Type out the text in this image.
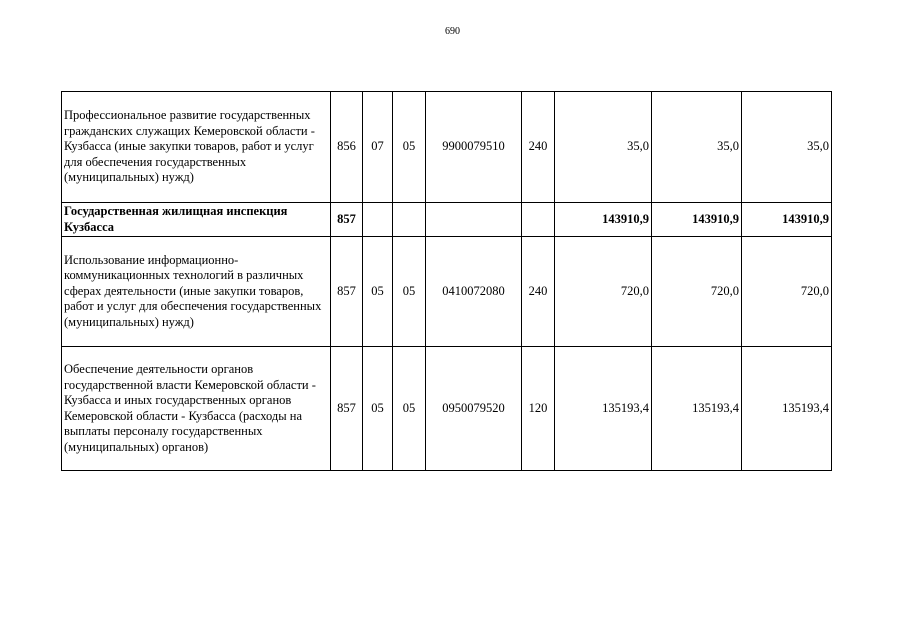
690
Профессиональное развитие государственных гражданских служащих Кемеровской области - Кузбасса (иные закупки товаров, работ и услуг для обеспечения государственных (муниципальных) нужд)	856	07	05	9900079510	240	35,0	35,0	35,0
Государственная жилищная инспекция Кузбасса	857					143910,9	143910,9	143910,9
Использование информационно-коммуникационных технологий в различных сферах деятельности (иные закупки товаров, работ и услуг для обеспечения государственных (муниципальных) нужд)	857	05	05	0410072080	240	720,0	720,0	720,0
Обеспечение деятельности органов государственной власти Кемеровской области - Кузбасса и иных государственных органов Кемеровской области - Кузбасса (расходы на выплаты персоналу государственных (муниципальных) органов)	857	05	05	0950079520	120	135193,4	135193,4	135193,4
